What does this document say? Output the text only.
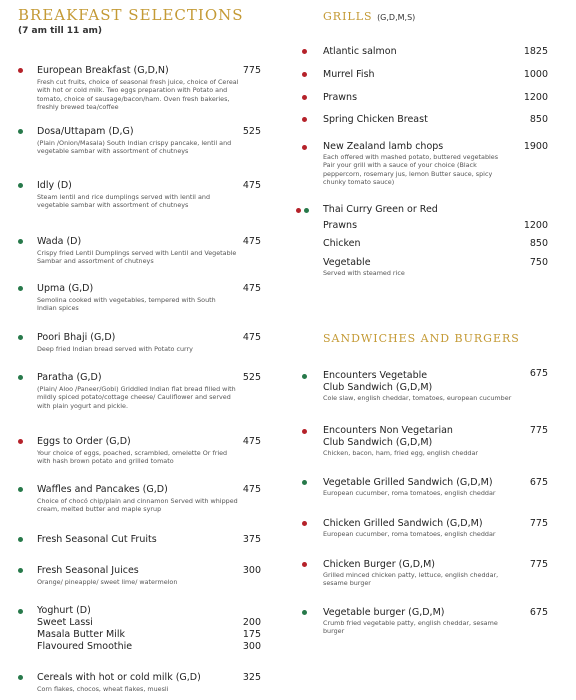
BREAKFAST SELECTIONS
(7 am till 11 am)
European Breakfast (G,D,N)	775
Fresh cut fruits, choice of seasonal fresh juice, choice of Cereal with hot or cold milk. Two eggs preparation with Potato and tomato, choice of sausage/bacon/ham. Oven fresh bakeries, freshly brewed tea/coffee
Dosa/Uttapam (D,G)	525
(Plain /Onion/Masala) South Indian crispy pancake, lentil and vegetable sambar with assortment of chutneys
Idly (D)	475
Steam lentil and rice dumplings served with lentil and vegetable sambar with assortment of chutneys
Wada (D)	475
Crispy fried Lentil Dumplings served with Lentil and Vegetable Sambar and assortment of chutneys
Upma (G,D)	475
Semolina cooked with vegetables, tempered with South Indian spices
Poori Bhaji (G,D)	475
Deep fried Indian bread served with Potato curry
Paratha (G,D)	525
(Plain/ Aloo /Paneer/Gobi) Griddled Indian flat bread filled with mildly spiced potato/cottage cheese/ Cauliflower and served with plain yogurt and pickle.
Eggs to Order (G,D)	475
Your choice of eggs, poached, scrambled, omelette Or fried with hash brown potato and grilled tomato
Waffles and Pancakes (G,D)	475
Choice of chocó chip/plain and cinnamon Served with whipped cream, melted butter and maple syrup
Fresh Seasonal Cut Fruits	375
Fresh Seasonal Juices	300
Orange/ pineapple/ sweet lime/ watermelon
Yoghurt (D)
Sweet Lassi	200
Masala Butter Milk	175
Flavoured Smoothie	300
Cereals with hot or cold milk (G,D)	325
Corn flakes, chocos, wheat flakes, muesli
GRILLS (G,D,M,S)
Atlantic salmon	1825
Murrel Fish	1000
Prawns	1200
Spring Chicken Breast	850
New Zealand lamb chops	1900
Each offered with mashed potato, buttered vegetables Pair your grill with a sauce of your choice (Black peppercorn, rosemary jus, lemon Butter sauce, spicy chunky tomato sauce)
Thai Curry Green or Red
Prawns	1200
Chicken	850
Vegetable	750
Served with steamed rice
SANDWICHES AND BURGERS
Encounters Vegetable
Club Sandwich (G,D,M)
675
Cole slaw, english cheddar, tomatoes, european cucumber
Encounters Non Vegetarian
Club Sandwich (G,D,M)
775
Chicken, bacon, ham, fried egg, english cheddar
Vegetable Grilled Sandwich (G,D,M)	675
European cucumber, roma tomatoes, english cheddar
Chicken Grilled Sandwich (G,D,M)	775
European cucumber, roma tomatoes, english cheddar
Chicken Burger (G,D,M)	775
Grilled minced chicken patty, lettuce, english cheddar, sesame burger
Vegetable burger (G,D,M)	675
Crumb fried vegetable patty, english cheddar, sesame burger
